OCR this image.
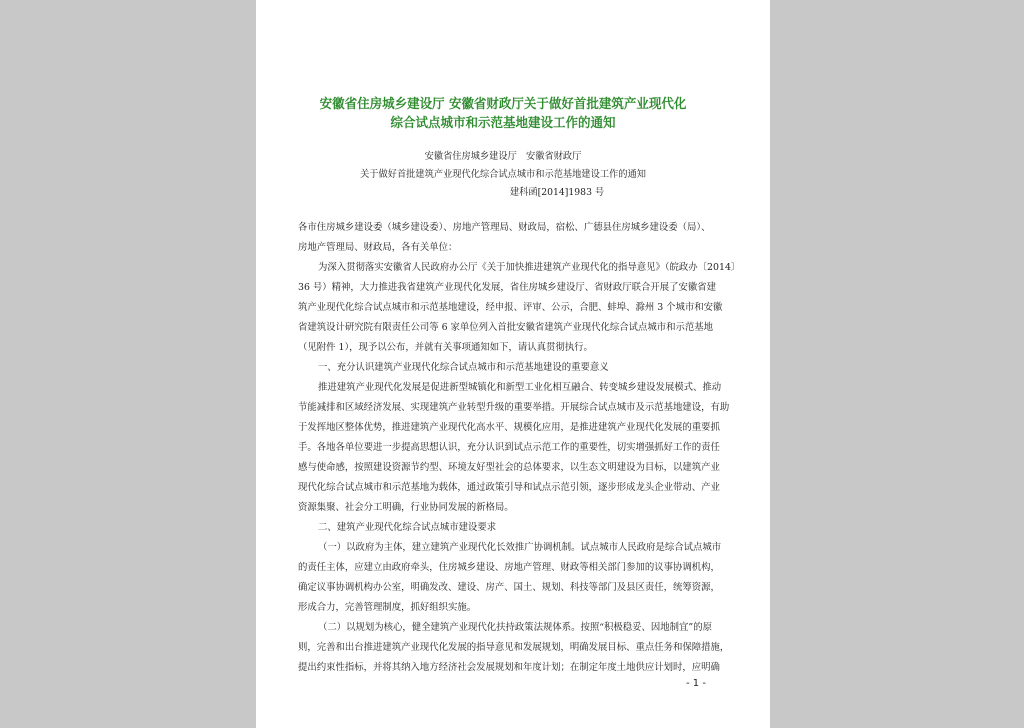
安徽省住房城乡建设厅 安徽省财政厅关于做好首批建筑产业现代化
综合试点城市和示范基地建设工作的通知
安徽省住房城乡建设厅　安徽省财政厅
关于做好首批建筑产业现代化综合试点城市和示范基地建设工作的通知
建科函[2014]1983 号
各市住房城乡建设委（城乡建设委）、房地产管理局、财政局，宿松、广德县住房城乡建设委（局）、
房地产管理局、财政局，各有关单位：
为深入贯彻落实安徽省人民政府办公厅《关于加快推进建筑产业现代化的指导意见》（皖政办〔2014〕
36 号）精神，大力推进我省建筑产业现代化发展，省住房城乡建设厅、省财政厅联合开展了安徽省建
筑产业现代化综合试点城市和示范基地建设，经申报、评审、公示，合肥、蚌埠、滁州 3 个城市和安徽
省建筑设计研究院有限责任公司等 6 家单位列入首批安徽省建筑产业现代化综合试点城市和示范基地
（见附件 1），现予以公布，并就有关事项通知如下，请认真贯彻执行。
一、充分认识建筑产业现代化综合试点城市和示范基地建设的重要意义
推进建筑产业现代化发展是促进新型城镇化和新型工业化相互融合、转变城乡建设发展模式、推动
节能减排和区域经济发展、实现建筑产业转型升级的重要举措。开展综合试点城市及示范基地建设，有助
于发挥地区整体优势，推进建筑产业现代化高水平、规模化应用，是推进建筑产业现代化发展的重要抓
手。各地各单位要进一步提高思想认识，充分认识到试点示范工作的重要性，切实增强抓好工作的责任
感与使命感，按照建设资源节约型、环境友好型社会的总体要求，以生态文明建设为目标，以建筑产业
现代化综合试点城市和示范基地为载体，通过政策引导和试点示范引领，逐步形成龙头企业带动、产业
资源集聚、社会分工明确，行业协同发展的新格局。
二、建筑产业现代化综合试点城市建设要求
（一）以政府为主体，建立建筑产业现代化长效推广协调机制。试点城市人民政府是综合试点城市
的责任主体，应建立由政府牵头，住房城乡建设、房地产管理、财政等相关部门参加的议事协调机构，
确定议事协调机构办公室，明确发改、建设、房产、国土、规划、科技等部门及县区责任，统筹资源，
形成合力，完善管理制度，抓好组织实施。
（二）以规划为核心，健全建筑产业现代化扶持政策法规体系。按照“积极稳妥、因地制宜”的原
则，完善和出台推进建筑产业现代化发展的指导意见和发展规划，明确发展目标、重点任务和保障措施，
提出约束性指标，并将其纳入地方经济社会发展规划和年度计划；在制定年度土地供应计划时，应明确
- 1 -
